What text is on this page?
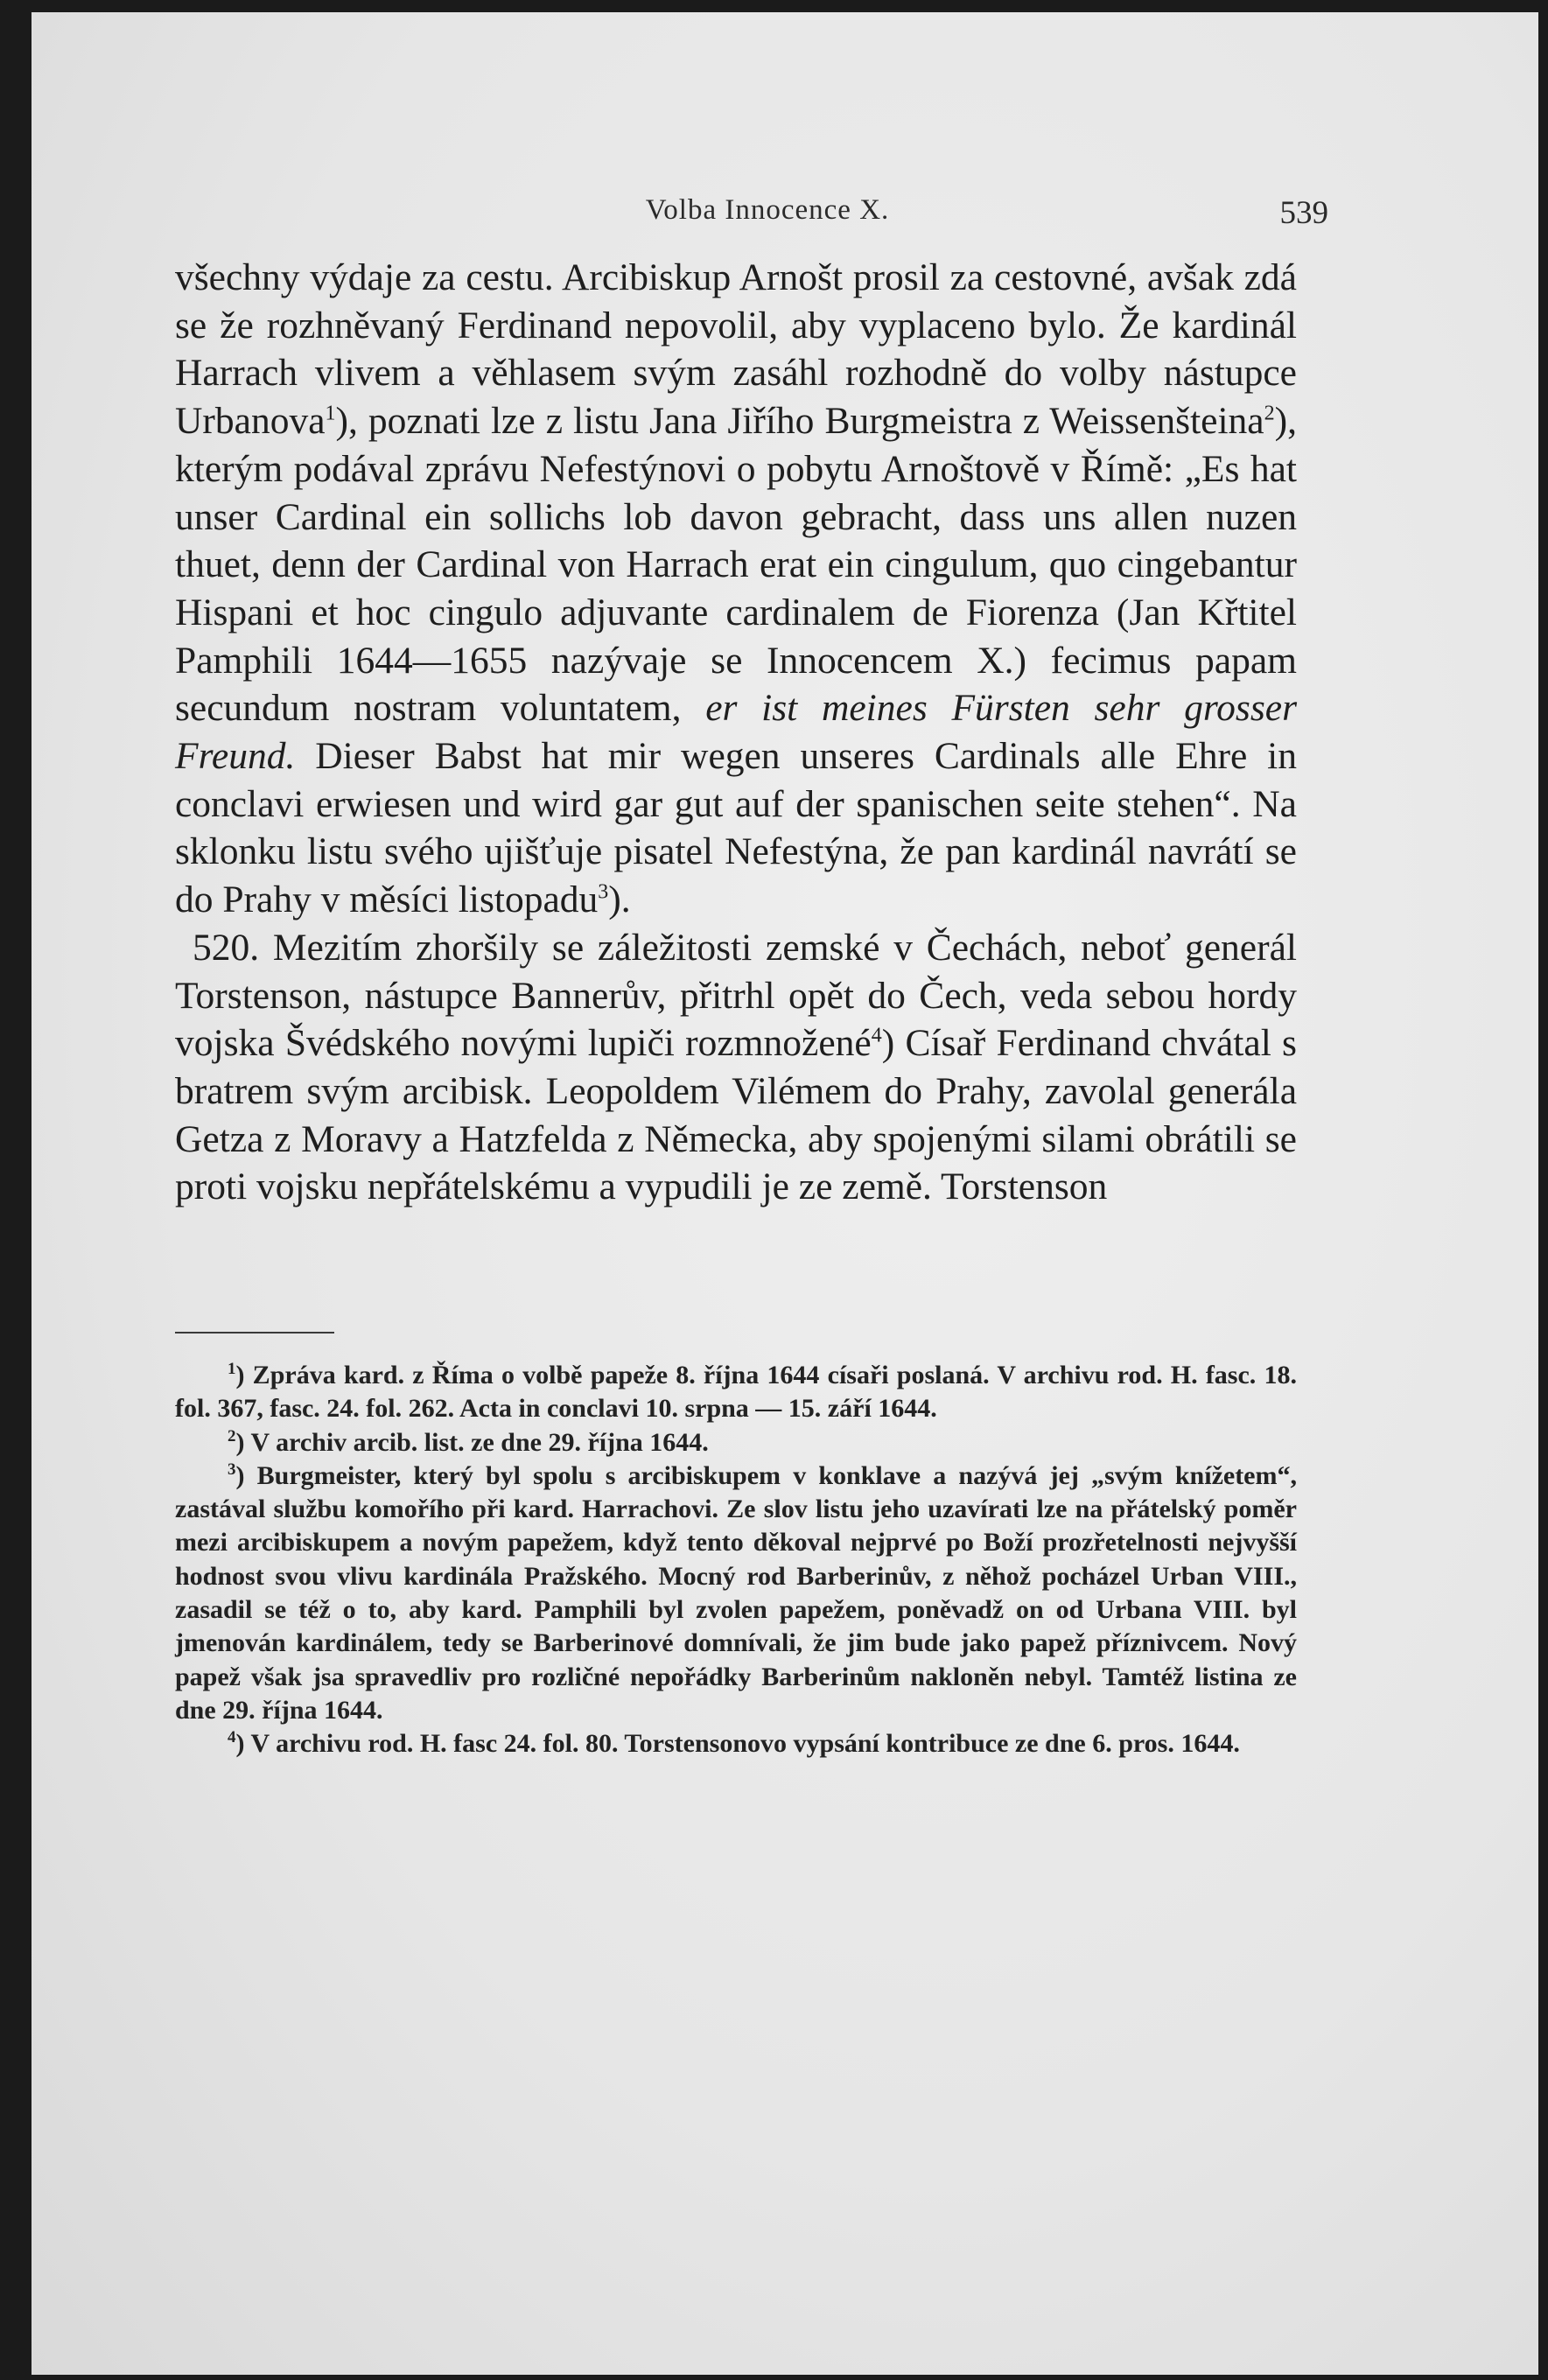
Volba Innocence X.	539

všechny výdaje za cestu. Arcibiskup Arnošt prosil za cestovné, avšak zdá se že rozhněvaný Ferdinand nepovolil, aby vyplaceno bylo. Že kardinál Harrach vlivem a věhlasem svým zasáhl rozhodně do volby nástupce Urbanova$^1$), poznati lze z listu Jana Jiřího Burgmeistra z Weissenšteina$^2$), kterým podával zprávu Nefestýnovi o pobytu Arnoštově v Římě: „Es hat unser Cardinal ein sollichs lob davon gebracht, dass uns allen nuzen thuet, denn der Cardinal von Harrach erat ein cingulum, quo cingebantur Hispani et hoc cingulo adjuvante cardinalem de Fiorenza (Jan Křtitel Pamphili 1644—1655 nazývaje se Innocencem X.) fecimus papam secundum nostram voluntatem, er ist meines Fürsten sehr grosser Freund. Dieser Babst hat mir wegen unseres Cardinals alle Ehre in conclavi erwiesen und wird gar gut auf der spanischen seite stehen“. Na sklonku listu svého ujišťuje pisatel Nefestýna, že pan kardinál navrátí se do Prahy v měsíci listopadu$^3$).

520. Mezitím zhoršily se záležitosti zemské v Čechách, neboť generál Torstenson, nástupce Bannerův, přitrhl opět do Čech, veda sebou hordy vojska Švédského novými lupiči rozmnožené$^4$) Císař Ferdinand chvátal s bratrem svým arcibisk. Leopoldem Vilémem do Prahy, zavolal generála Getza z Moravy a Hatzfelda z Německa, aby spojenými silami obrátili se proti vojsku nepřátelskému a vypudili je ze země. Torstenson

$^1$) Zpráva kard. z Říma o volbě papeže 8. října 1644 císaři poslaná. V archivu rod. H. fasc. 18. fol. 367, fasc. 24. fol. 262. Acta in conclavi 10. srpna — 15. září 1644.

$^2$) V archiv arcib. list. ze dne 29. října 1644.

$^3$) Burgmeister, který byl spolu s arcibiskupem v konklave a nazývá jej „svým knížetem“, zastával službu komořího při kard. Harrachovi. Ze slov listu jeho uzavírati lze na přátelský poměr mezi arcibiskupem a novým papežem, když tento děkoval nejprvé po Boží prozřetelnosti nejvyšší hodnost svou vlivu kardinála Pražského. Mocný rod Barberinův, z něhož pocházel Urban VIII., zasadil se též o to, aby kard. Pamphili byl zvolen papežem, poněvadž on od Urbana VIII. byl jmenován kardinálem, tedy se Barberinové domnívali, že jim bude jako papež příznivcem. Nový papež však jsa spravedliv pro rozličné nepořádky Barberinům nakloněn nebyl. Tamtéž listina ze dne 29. října 1644.

$^4$) V archivu rod. H. fasc 24. fol. 80. Torstensonovo vypsání kontribuce ze dne 6. pros. 1644.
